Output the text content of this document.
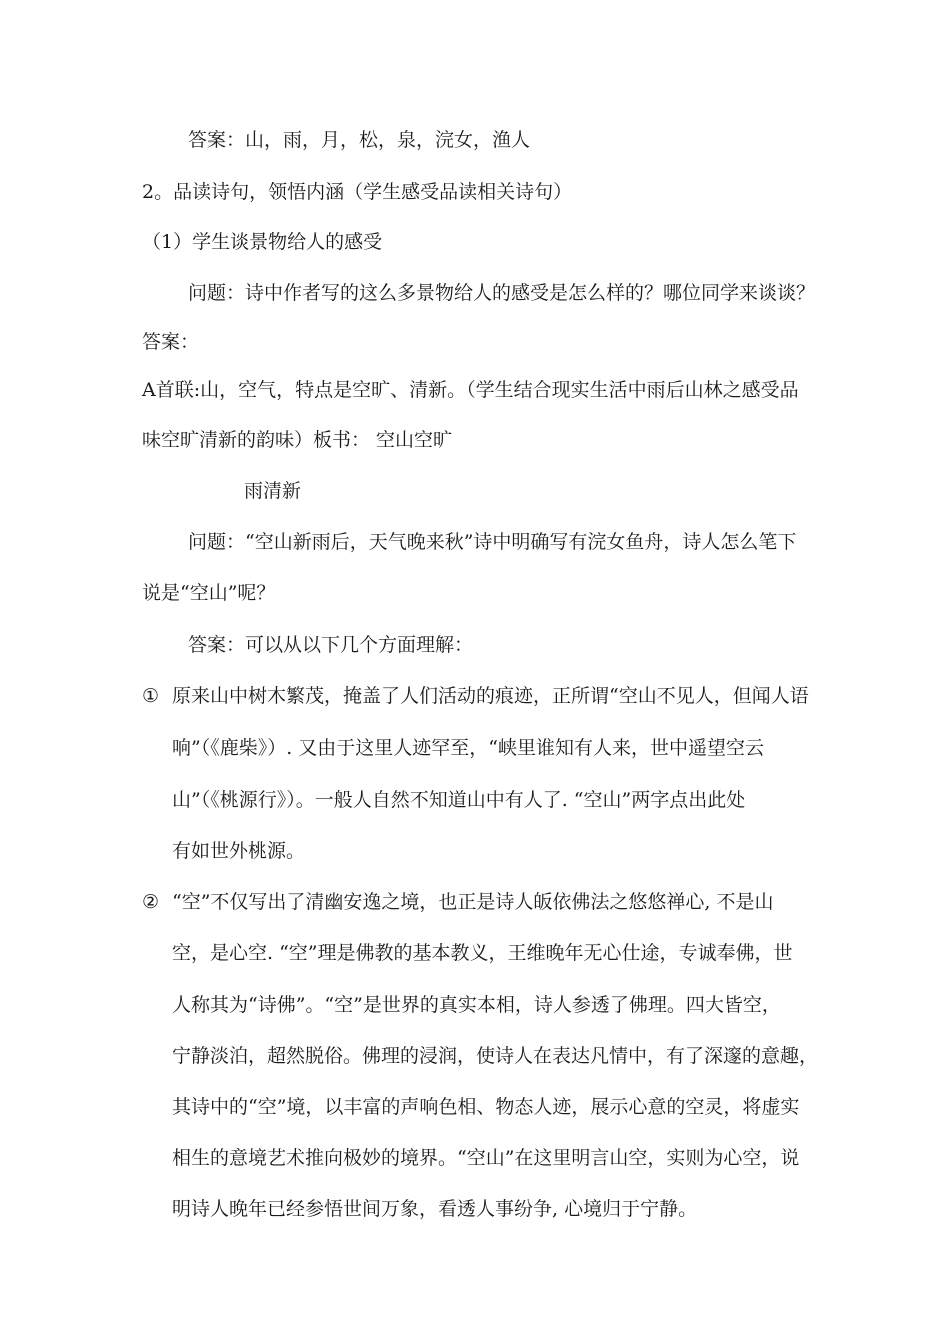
答案：山，雨，月，松，泉，浣女，渔人
2。品读诗句，领悟内涵（学生感受品读相关诗句）
（1）学生谈景物给人的感受
问题：诗中作者写的这么多景物给人的感受是怎么样的？哪位同学来谈谈？
答案：
A首联:山，空气，特点是空旷、清新。（学生结合现实生活中雨后山林之感受品
味空旷清新的韵味）板书： 空山空旷
雨清新
问题：“空山新雨后，天气晚来秋”诗中明确写有浣女鱼舟，诗人怎么笔下
说是“空山”呢？
答案：可以从以下几个方面理解：
① 原来山中树木繁茂，掩盖了人们活动的痕迹，正所谓“空山不见人，但闻人语
响”（《鹿柴》）. 又由于这里人迹罕至，“峡里谁知有人来，世中遥望空云
山”（《桃源行》）。一般人自然不知道山中有人了. “空山”两字点出此处
有如世外桃源。
② “空”不仅写出了清幽安逸之境，也正是诗人皈依佛法之悠悠禅心, 不是山
空，是心空. “空”理是佛教的基本教义，王维晚年无心仕途，专诚奉佛，世
人称其为“诗佛”。“空”是世界的真实本相，诗人参透了佛理。四大皆空，
宁静淡泊，超然脱俗。佛理的浸润，使诗人在表达凡情中，有了深邃的意趣，
其诗中的“空”境，以丰富的声响色相、物态人迹，展示心意的空灵，将虚实
相生的意境艺术推向极妙的境界。“空山”在这里明言山空，实则为心空，说
明诗人晚年已经参悟世间万象，看透人事纷争, 心境归于宁静。
